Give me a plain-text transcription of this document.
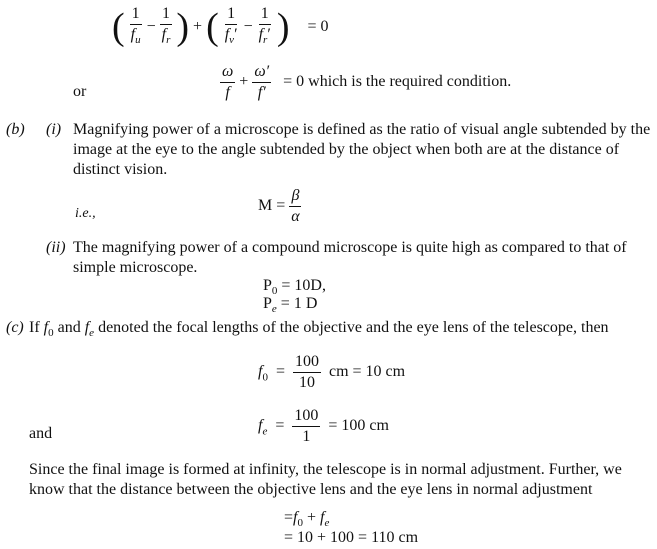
( $\frac{1}{f_u} - \frac{1}{f_r}$ ) + ( $\frac{1}{f_v'} - \frac{1}{f_r'}$ ) = 0
or	$\frac{\omega}{f} + \frac{\omega'}{f'} = 0$ which is the required condition.
(b) (i) Magnifying power of a microscope is defined as the ratio of visual angle subtended by the image at the eye to the angle subtended by the object when both are at the distance of distinct vision.
i.e.,	$M = \frac{\beta}{\alpha}$
(ii) The magnifying power of a compound microscope is quite high as compared to that of simple microscope.
$P_0 = 10D$,
$P_e = 1$ D
(c) If $f_0$ and $f_e$ denoted the focal lengths of the objective and the eye lens of the telescope, then
$f_0 = \frac{100}{10}$ cm = 10 cm
and	$f_e = \frac{100}{1} = 100$ cm
Since the final image is formed at infinity, the telescope is in normal adjustment. Further, we know that the distance between the objective lens and the eye lens in normal adjustment
$=f_0 + f_e$
= 10 + 100 = 110 cm
